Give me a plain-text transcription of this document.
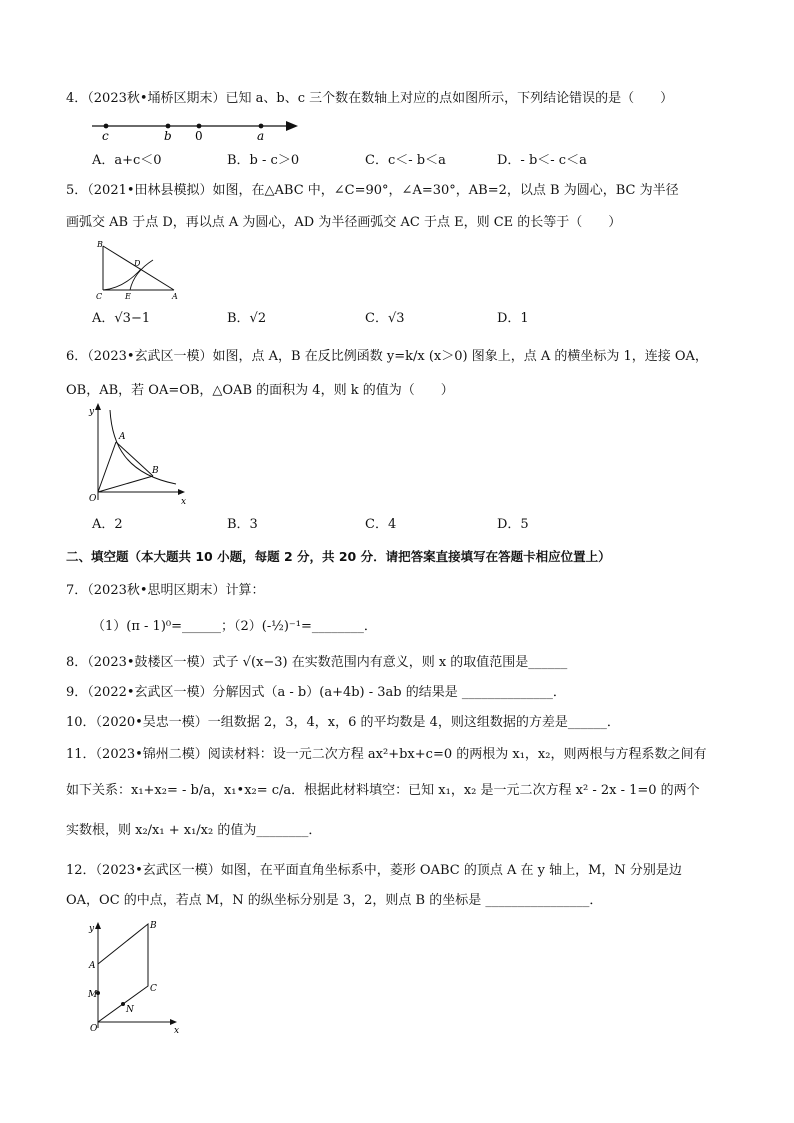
4．（2023秋•埇桥区期末）已知 a、b、c 三个数在数轴上对应的点如图所示，下列结论错误的是（　　）
c	b 0	a
A．a+c＜0	B．b - c＞0	C．c＜- b＜a	D．- b＜- c＜a
5．（2021•田林县模拟）如图，在△ABC 中，∠C=90°，∠A=30°，AB=2，以点 B 为圆心，BC 为半径
画弧交 AB 于点 D，再以点 A 为圆心，AD 为半径画弧交 AC 于点 E，则 CE 的长等于（　　）
B
D
C	E	A
A．√3−1	B．√2	C．√3	D．1
6．（2023•玄武区一模）如图，点 A，B 在反比例函数 y=k/x (x＞0) 图象上，点 A 的横坐标为 1，连接 OA，
OB，AB，若 OA=OB，△OAB 的面积为 4，则 k 的值为（　　）
y
A
B
O	x
A．2	B．3	C．4	D．5
二、填空题（本大题共 10 小题，每题 2 分，共 20 分．请把答案直接填写在答题卡相应位置上）
7．（2023秋•思明区期末）计算：
（1）(π - 1)⁰=______；（2）(-½)⁻¹=________．
8．（2023•鼓楼区一模）式子 √(x−3) 在实数范围内有意义，则 x 的取值范围是______
9．（2022•玄武区一模）分解因式（a - b）(a+4b) - 3ab 的结果是 ______________．
10．（2020•吴忠一模）一组数据 2，3，4，x，6 的平均数是 4，则这组数据的方差是______．
11．（2023•锦州二模）阅读材料：设一元二次方程 ax²+bx+c=0 的两根为 x₁，x₂，则两根与方程系数之间有
如下关系：x₁+x₂= - b/a，x₁•x₂= c/a．根据此材料填空：已知 x₁，x₂ 是一元二次方程 x² - 2x - 1=0 的两个
实数根，则 x₂/x₁ + x₁/x₂ 的值为________．
12．（2023•玄武区一模）如图，在平面直角坐标系中，菱形 OABC 的顶点 A 在 y 轴上，M，N 分别是边
OA，OC 的中点，若点 M，N 的纵坐标分别是 3，2，则点 B 的坐标是 ________________．
y	B
A
M
C
N
O	x
